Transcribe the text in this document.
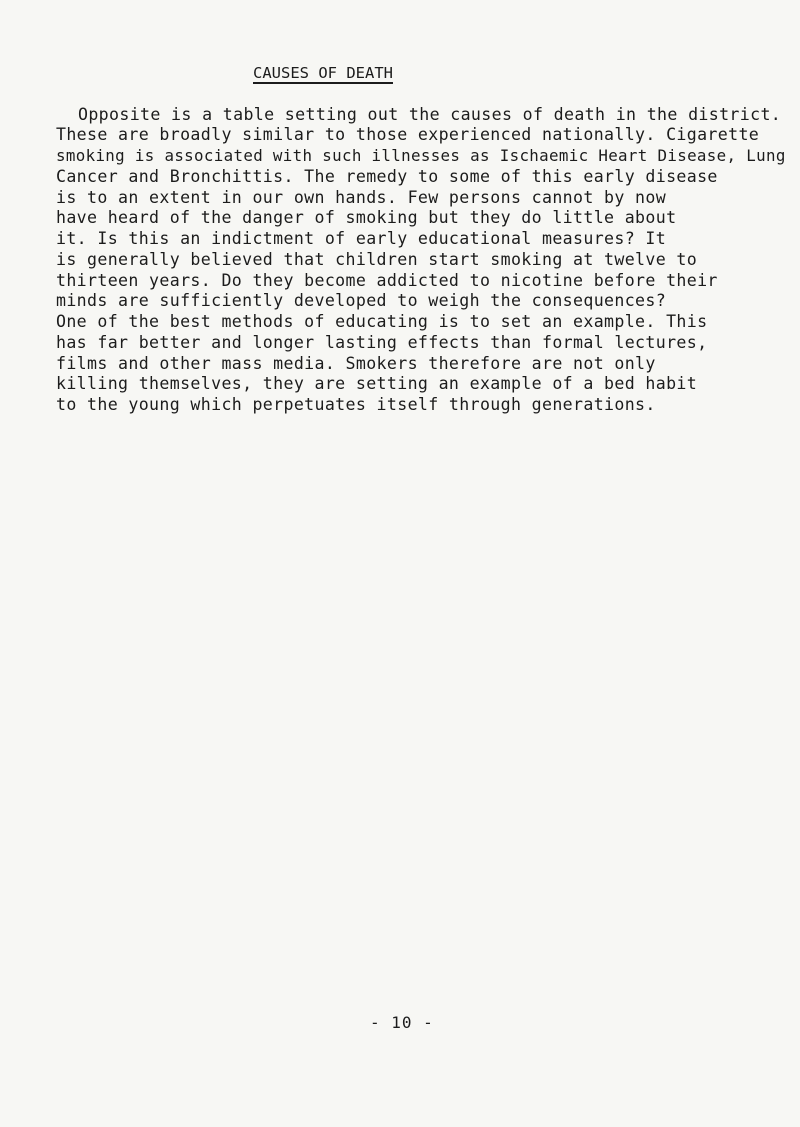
CAUSES OF DEATH
Opposite is a table setting out the causes of death in the district.
These are broadly similar to those experienced nationally. Cigarette
smoking is associated with such illnesses as Ischaemic Heart Disease, Lung
Cancer and Bronchittis. The remedy to some of this early disease
is to an extent in our own hands. Few persons cannot by now
have heard of the danger of smoking but they do little about
it. Is this an indictment of early educational measures? It
is generally believed that children start smoking at twelve to
thirteen years. Do they become addicted to nicotine before their
minds are sufficiently developed to weigh the consequences?
One of the best methods of educating is to set an example. This
has far better and longer lasting effects than formal lectures,
films and other mass media. Smokers therefore are not only
killing themselves, they are setting an example of a bed habit
to the young which perpetuates itself through generations.
- 10 -
